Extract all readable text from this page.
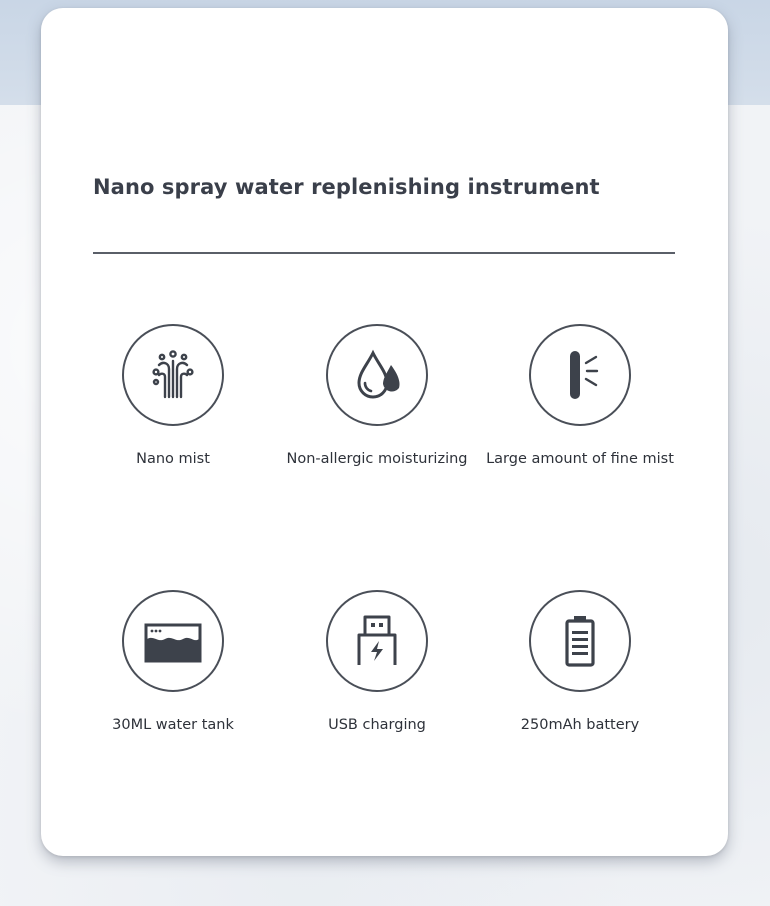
Nano spray water replenishing instrument
Nano mist	Non-allergic moisturizing	Large amount of fine mist
30ML water tank	USB charging	250mAh battery
